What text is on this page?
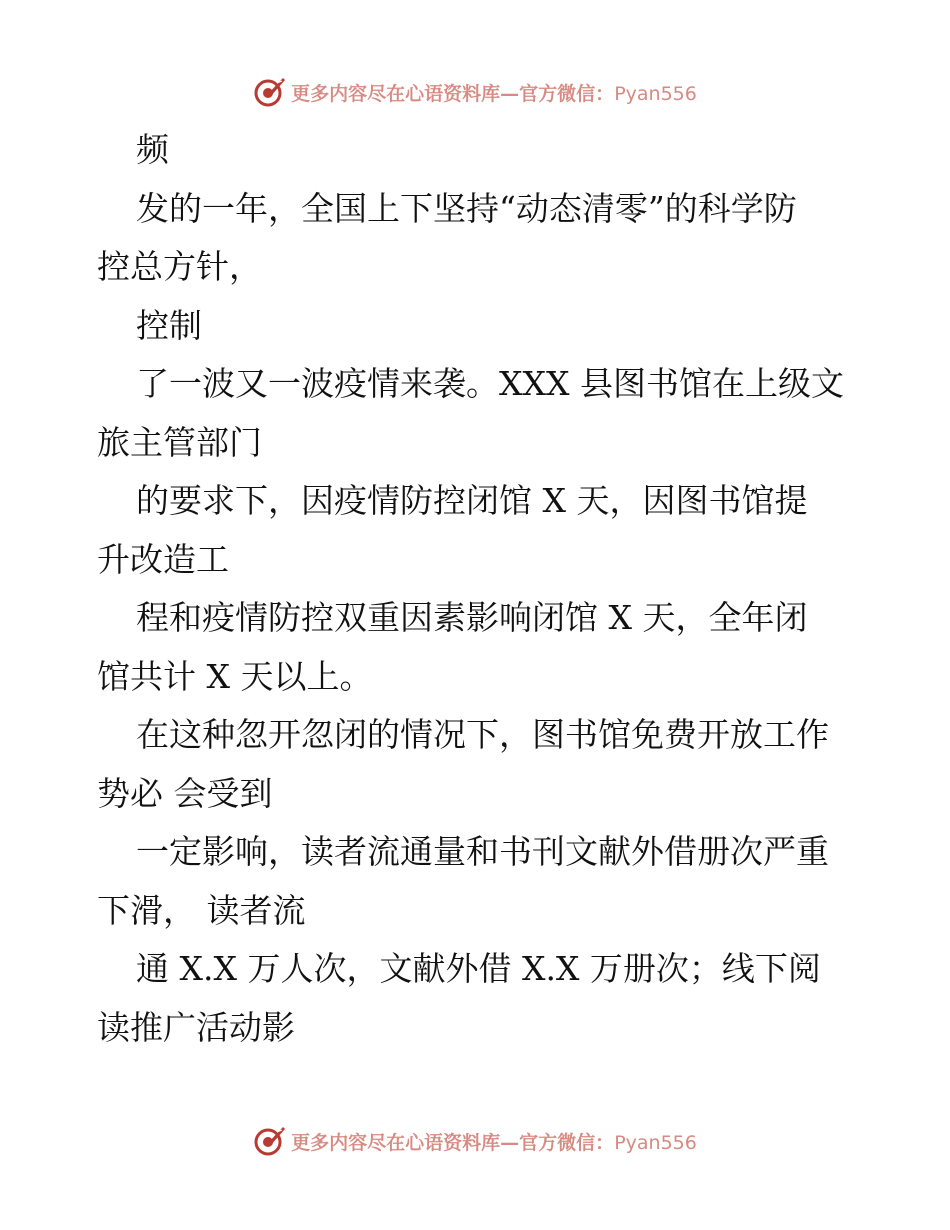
更多内容尽在心语资料库—官方微信：Pyan556
频
发的一年，全国上下坚持“动态清零”的科学防
控总方针，
控制
了一波又一波疫情来袭。XXX 县图书馆在上级文
旅主管部门
的要求下，因疫情防控闭馆 X 天，因图书馆提
升改造工
程和疫情防控双重因素影响闭馆 X 天，全年闭
馆共计 X 天以上。
在这种忽开忽闭的情况下，图书馆免费开放工作
势必 会受到
一定影响，读者流通量和书刊文献外借册次严重
下滑， 读者流
通 X.X 万人次，文献外借 X.X 万册次；线下阅
读推广活动影
更多内容尽在心语资料库—官方微信：Pyan556
